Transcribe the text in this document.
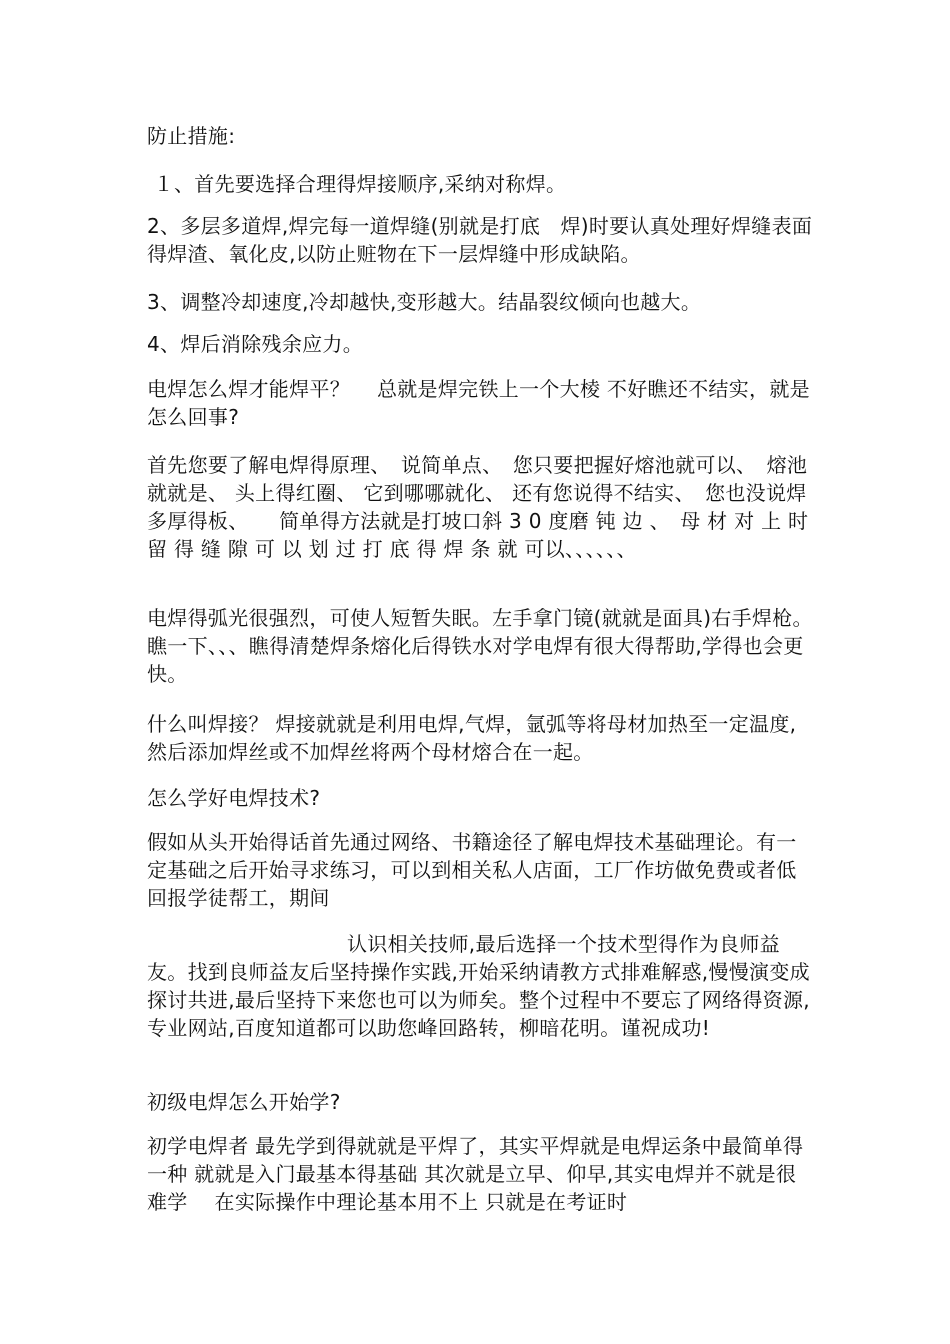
防止措施:

１、首先要选择合理得焊接顺序,采纳对称焊。

2、多层多道焊,焊完每一道焊缝(别就是打底　焊)时要认真处理好焊缝表面得焊渣、氧化皮,以防止赃物在下一层焊缝中形成缺陷。

3、调整冷却速度,冷却越快,变形越大。结晶裂纹倾向也越大。

4、焊后消除残余应力。

电焊怎么焊才能焊平？　 总就是焊完铁上一个大棱 不好瞧还不结实，就是怎么回事?

首先您要了解电焊得原理、　说简单点、　您只要把握好熔池就可以、　熔池就就是、 头上得红圈、 它到哪哪就化、 还有您说得不结实、　您也没说焊多厚得板、　　简单得方法就是打坡口斜 3 0 度磨 钝 边 、　母 材 对 上 时 留 得 缝 隙 可 以 划 过 打 底 得 焊 条 就 可以、、、、、、

电焊得弧光很强烈，可使人短暂失眠。左手拿门镜(就就是面具)右手焊枪。瞧一下、、、瞧得清楚焊条熔化后得铁水对学电焊有很大得帮助,学得也会更快。

什么叫焊接？ 焊接就就是利用电焊,气焊，氩弧等将母材加热至一定温度,然后添加焊丝或不加焊丝将两个母材熔合在一起。

怎么学好电焊技术?

假如从头开始得话首先通过网络、书籍途径了解电焊技术基础理论。有一定基础之后开始寻求练习，可以到相关私人店面，工厂作坊做免费或者低回报学徒帮工，期间

认识相关技师,最后选择一个技术型得作为良师益友。找到良师益友后坚持操作实践,开始采纳请教方式排难解惑,慢慢演变成探讨共进,最后坚持下来您也可以为师矣。整个过程中不要忘了网络得资源,专业网站,百度知道都可以助您峰回路转，柳暗花明。谨祝成功!

初级电焊怎么开始学?

初学电焊者 最先学到得就就是平焊了，其实平焊就是电焊运条中最简单得一种 就就是入门最基本得基础 其次就是立早、仰早,其实电焊并不就是很难学　 在实际操作中理论基本用不上 只就是在考证时
